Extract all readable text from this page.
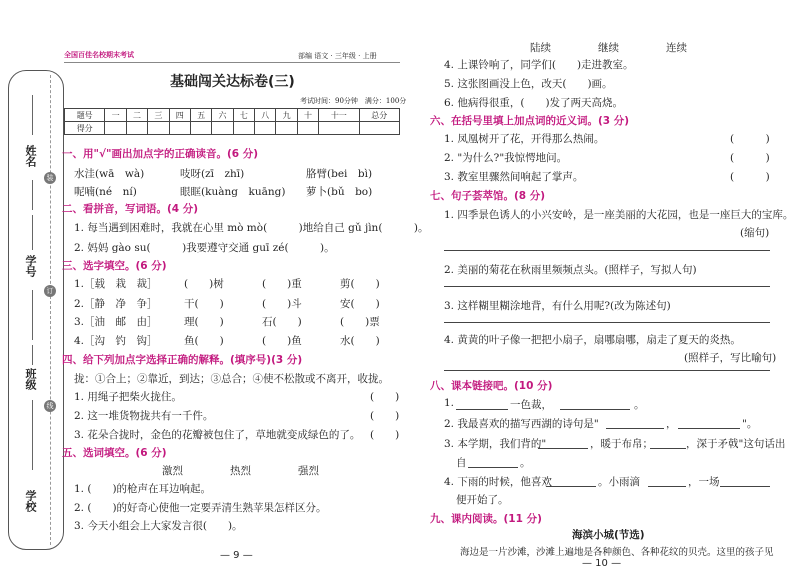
姓名
学号
班级
学校
装
订
线
全国百佳名校期末考试	部编 语文 · 三年级 · 上册
基础闯关达标卷(三)
考试时间：90分钟　满分：100分
题号	一	二	三	四	五	六	七	八	九	十	十一	总分
得分												
一、用"√"画出加点字的正确读音。(6 分)
水洼(wā　wà)	吱呀(zī　zhī)	胳臂(bei　bì)
呢喃(né　ní)	眼眶(kuàng　kuāng) 萝卜(bǔ　bo)
二、看拼音，写词语。(4 分)
1. 每当遇到困难时，我就在心里 mò mò(　　　)地给自己 gǔ jìn(　　　)。
2. 妈妈 gào su(　　　)我要遵守交通 guī zé(　　　)。
三、选字填空。(6 分)
1.［载　栽　裁］	(　　)树	(　　)重	剪(　　)
2.［静　净　争］	干(　　)	(　　)斗	安(　　)
3.［油　邮　由］	理(　　)	石(　　)	(　　)票
4.［沟　钓　钩］	鱼(　　)	(　　)鱼	水(　　)
四、给下列加点字选择正确的解释。(填序号)(3 分)
拢：①合上；②靠近，到达；③总合；④使不松散或不离开，收拢。
1. 用绳子把柴火拢住。	(　　)
2. 这一堆货物拢共有一千件。	(　　)
3. 花朵合拢时，金色的花瓣被包住了，草地就变成绿色的了。 (　　)
五、选词填空。(6 分)
激烈	热烈	强烈
1. (　　)的枪声在耳边响起。
2. (　　)的好奇心使他一定要弄清生熟苹果怎样区分。
3. 今天小组会上大家发言很(　　)。
— 9 —
陆续	继续	连续
4. 上课铃响了，同学们(　　)走进教室。
5. 这张图画没上色，改天(　　)画。
6. 他病得很重，(　　)发了两天高烧。
六、在括号里填上加点词的近义词。(3 分)
1. 凤凰树开了花，开得那么热闹。	(　　　)
2. "为什么?"我惊愕地问。	(　　　)
3. 教室里骤然间响起了掌声。	(　　　)
七、句子荟萃馆。(8 分)
1. 四季景色诱人的小兴安岭，是一座美丽的大花园，也是一座巨大的宝库。
(缩句)
2. 美丽的菊花在秋雨里频频点头。(照样子，写拟人句)
3. 这样糊里糊涂地背，有什么用呢?(改为陈述句)
4. 黄黄的叶子像一把把小扇子，扇哪扇哪，扇走了夏天的炎热。
(照样子，写比喻句)
八、课本链接吧。(10 分)
1.	一色裁，	。
2. 我最喜欢的描写西湖的诗句是"	，	"。
3. 本学期，我们背的"	，暖于布帛；	，深于矛戟"这句话出
自	。
4. 下雨的时候，他喜欢	。小雨滴	，一场
便开始了。
九、课内阅读。(11 分)
海滨小城(节选)
海边是一片沙滩，沙滩上遍地是各种颜色、各种花纹的贝壳。这里的孩子见
— 10 —
